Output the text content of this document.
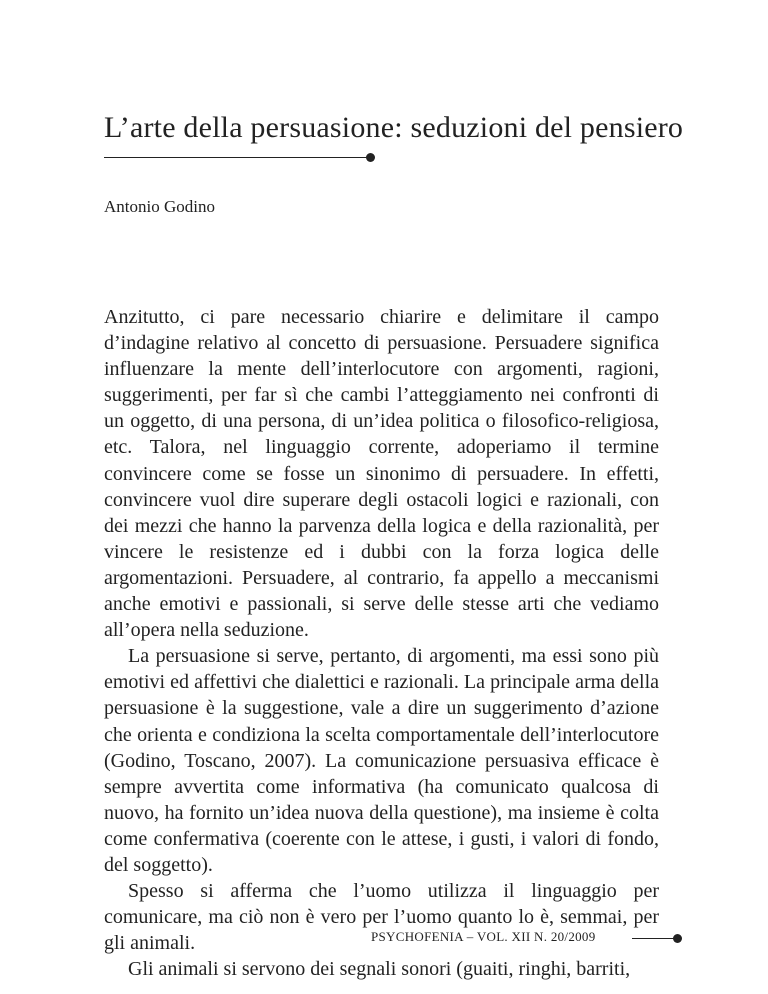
L’arte della persuasione: seduzioni del pensiero
Antonio Godino

Anzitutto, ci pare necessario chiarire e delimitare il campo d’indagine relativo al concetto di persuasione. Persuadere significa influenzare la mente dell’interlocutore con argomenti, ragioni, suggerimenti, per far sì che cambi l’atteggiamento nei confronti di un oggetto, di una persona, di un’idea politica o filosofico-religiosa, etc. Talora, nel linguaggio corrente, adoperiamo il termine convincere come se fosse un sinonimo di persuadere. In effetti, convincere vuol dire superare degli ostacoli logici e razionali, con dei mezzi che hanno la parvenza della logica e della razionalità, per vincere le resistenze ed i dubbi con la forza logica delle argomentazioni. Persuadere, al contrario, fa appello a meccanismi anche emotivi e passionali, si serve delle stesse arti che vediamo all’opera nella seduzione.

La persuasione si serve, pertanto, di argomenti, ma essi sono più emotivi ed affettivi che dialettici e razionali. La principale arma della persuasione è la suggestione, vale a dire un suggerimento d’azione che orienta e condiziona la scelta comportamentale dell’interlocutore (Godino, Toscano, 2007). La comunicazione persuasiva efficace è sempre avvertita come informativa (ha comunicato qualcosa di nuovo, ha fornito un’idea nuova della questione), ma insieme è colta come confermativa (coerente con le attese, i gusti, i valori di fondo, del soggetto).

Spesso si afferma che l’uomo utilizza il linguaggio per comunicare, ma ciò non è vero per l’uomo quanto lo è, semmai, per gli animali.

Gli animali si servono dei segnali sonori (guaiti, ringhi, barriti,

PSYCHOFENIA – VOL. XII N. 20/2009
